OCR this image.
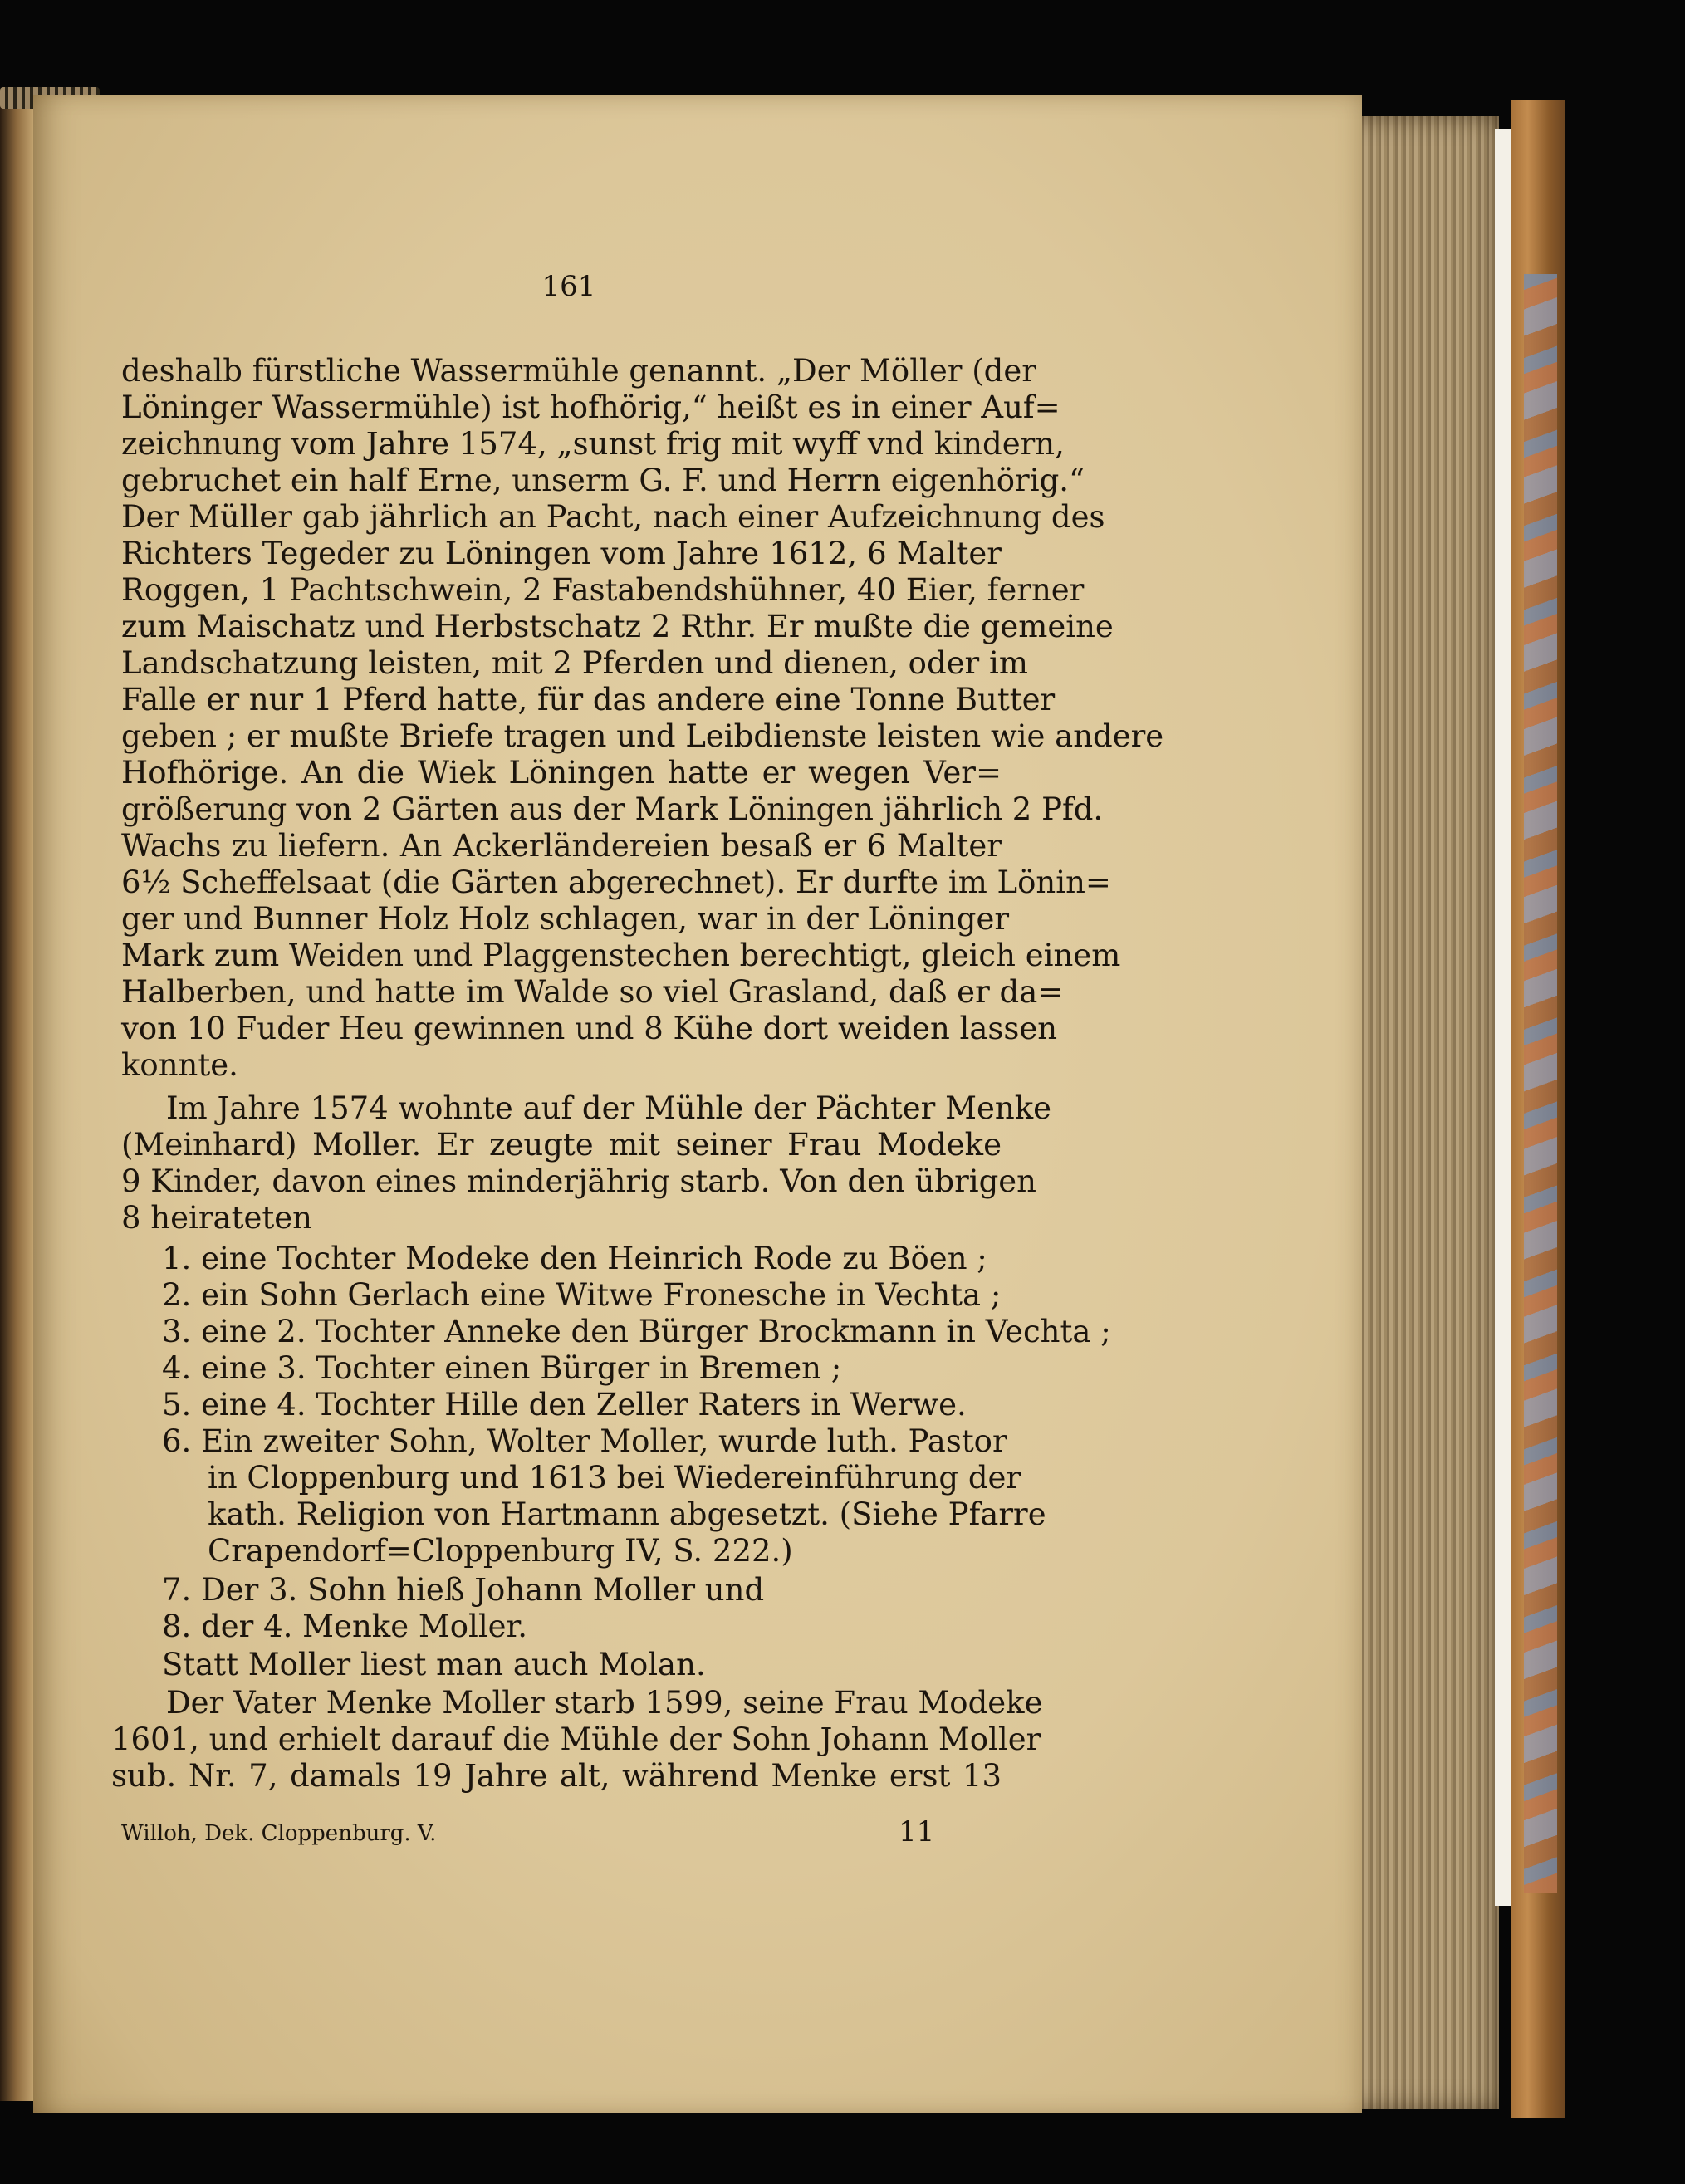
161
deshalb fürstliche Wassermühle genannt. „Der Möller (der
Löninger Wassermühle) ist hofhörig,“ heißt es in einer Auf=
zeichnung vom Jahre 1574, „sunst frig mit wyff vnd kindern,
gebruchet ein half Erne, unserm G. F. und Herrn eigenhörig.“
Der Müller gab jährlich an Pacht, nach einer Aufzeichnung des
Richters Tegeder zu Löningen vom Jahre 1612, 6 Malter
Roggen, 1 Pachtschwein, 2 Fastabendshühner, 40 Eier, ferner
zum Maischatz und Herbstschatz 2 Rthr. Er mußte die gemeine
Landschatzung leisten, mit 2 Pferden und dienen, oder im
Falle er nur 1 Pferd hatte, für das andere eine Tonne Butter
geben ; er mußte Briefe tragen und Leibdienste leisten wie andere
Hofhörige. An die Wiek Löningen hatte er wegen Ver=
größerung von 2 Gärten aus der Mark Löningen jährlich 2 Pfd.
Wachs zu liefern. An Ackerländereien besaß er 6 Malter
6½ Scheffelsaat (die Gärten abgerechnet). Er durfte im Lönin=
ger und Bunner Holz Holz schlagen, war in der Löninger
Mark zum Weiden und Plaggenstechen berechtigt, gleich einem
Halberben, und hatte im Walde so viel Grasland, daß er da=
von 10 Fuder Heu gewinnen und 8 Kühe dort weiden lassen
konnte.
Im Jahre 1574 wohnte auf der Mühle der Pächter Menke
(Meinhard) Moller. Er zeugte mit seiner Frau Modeke
9 Kinder, davon eines minderjährig starb. Von den übrigen
8 heirateten
1. eine Tochter Modeke den Heinrich Rode zu Böen ;
2. ein Sohn Gerlach eine Witwe Fronesche in Vechta ;
3. eine 2. Tochter Anneke den Bürger Brockmann in Vechta ;
4. eine 3. Tochter einen Bürger in Bremen ;
5. eine 4. Tochter Hille den Zeller Raters in Werwe.
6. Ein zweiter Sohn, Wolter Moller, wurde luth. Pastor
in Cloppenburg und 1613 bei Wiedereinführung der
kath. Religion von Hartmann abgesetzt. (Siehe Pfarre
Crapendorf=Cloppenburg IV, S. 222.)
7. Der 3. Sohn hieß Johann Moller und
8. der 4. Menke Moller.
Statt Moller liest man auch Molan.
Der Vater Menke Moller starb 1599, seine Frau Modeke
1601, und erhielt darauf die Mühle der Sohn Johann Moller
sub. Nr. 7, damals 19 Jahre alt, während Menke erst 13
Willoh, Dek. Cloppenburg. V.	11
